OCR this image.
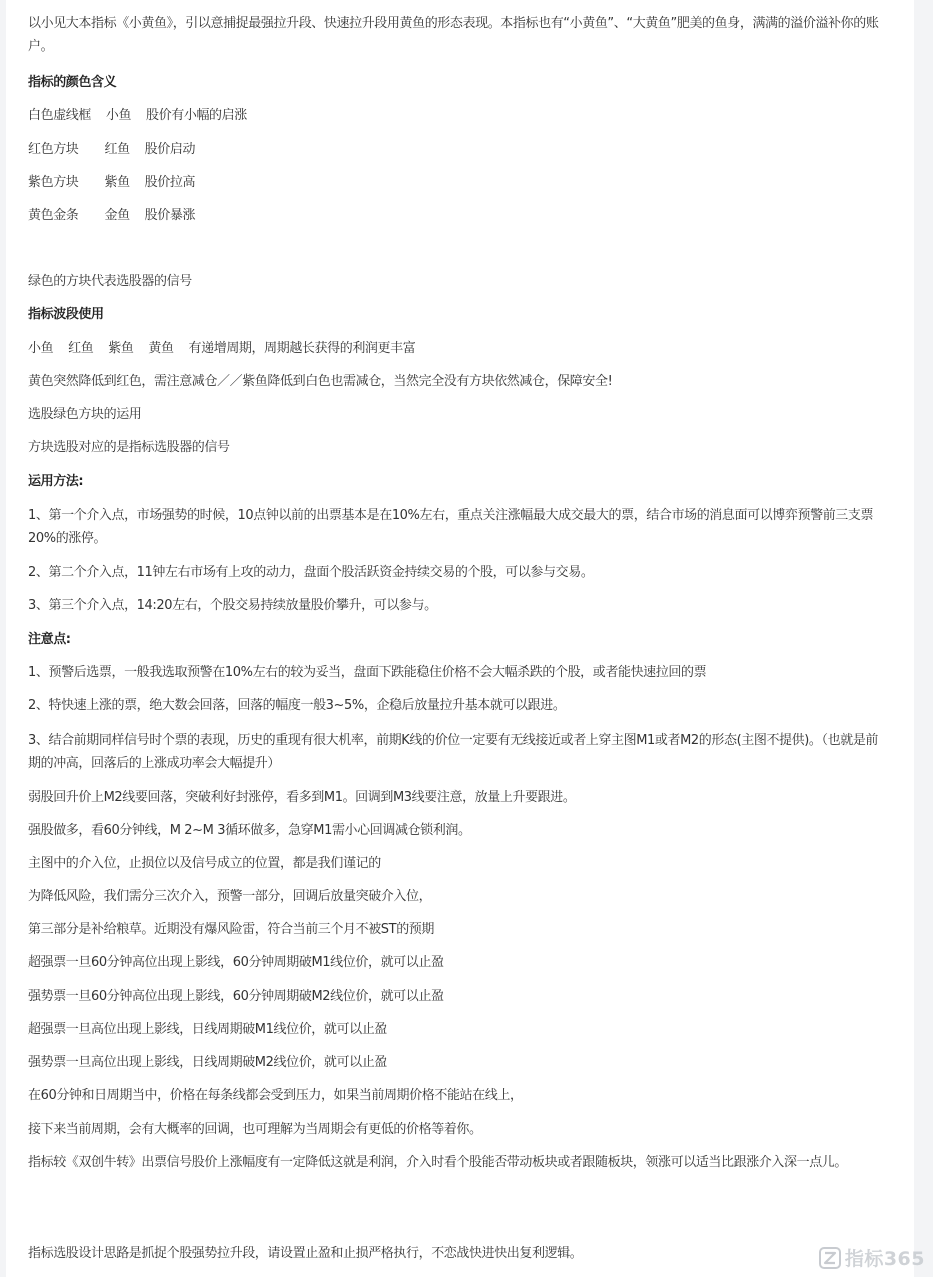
以小见大本指标《小黄鱼》，引以意捕捉最强拉升段、快速拉升段用黄鱼的形态表现。本指标也有“小黄鱼”、“大黄鱼”肥美的鱼身，满满的溢价溢补你的账户。
指标的颜色含义
白色虚线框    小鱼    股价有小幅的启涨
红色方块       红鱼    股价启动
紫色方块       紫鱼    股价拉高
黄色金条       金鱼    股价暴涨
绿色的方块代表选股器的信号
指标波段使用
小鱼    红鱼    紫鱼    黄鱼    有递增周期，周期越长获得的利润更丰富
黄色突然降低到红色，需注意减仓／／紫鱼降低到白色也需减仓，当然完全没有方块依然减仓，保障安全!
选股绿色方块的运用
方块选股对应的是指标选股器的信号
运用方法:
1、第一个介入点，市场强势的时候，10点钟以前的出票基本是在10%左右，重点关注涨幅最大成交最大的票，结合市场的消息面可以博弈预警前三支票20%的涨停。
2、第二个介入点，11钟左右市场有上攻的动力，盘面个股活跃资金持续交易的个股，可以参与交易。
3、第三个介入点，14:20左右，个股交易持续放量股价攀升，可以参与。
注意点:
1、预警后选票，一般我选取预警在10%左右的较为妥当，盘面下跌能稳住价格不会大幅杀跌的个股，或者能快速拉回的票
2、特快速上涨的票，绝大数会回落，回落的幅度一般3~5%，企稳后放量拉升基本就可以跟进。
3、结合前期同样信号时个票的表现，历史的重现有很大机率，前期K线的价位一定要有无线接近或者上穿主图M1或者M2的形态(主图不提供)。（也就是前期的冲高，回落后的上涨成功率会大幅提升）
弱股回升价上M2线要回落，突破利好封涨停，看多到M1。回调到M3线要注意，放量上升要跟进。
强股做多，看60分钟线，M 2~M 3循环做多，急穿M1需小心回调减仓锁利润。
主图中的介入位，止损位以及信号成立的位置，都是我们谨记的
为降低风险，我们需分三次介入，预警一部分，回调后放量突破介入位，
第三部分是补给粮草。近期没有爆风险雷，符合当前三个月不被ST的预期
超强票一旦60分钟高位出现上影线，60分钟周期破M1线位价，就可以止盈
强势票一旦60分钟高位出现上影线，60分钟周期破M2线位价，就可以止盈
超强票一旦高位出现上影线，日线周期破M1线位价，就可以止盈
强势票一旦高位出现上影线，日线周期破M2线位价，就可以止盈
在60分钟和日周期当中，价格在每条线都会受到压力，如果当前周期价格不能站在线上，
接下来当前周期，会有大概率的回调，也可理解为当周期会有更低的价格等着你。
指标较《双创牛转》出票信号股价上涨幅度有一定降低这就是利润，介入时看个股能否带动板块或者跟随板块，领涨可以适当比跟涨介入深一点儿。
指标选股设计思路是抓捉个股强势拉升段，请设置止盈和止损严格执行，不恋战快进快出复利逻辑。	指标365
